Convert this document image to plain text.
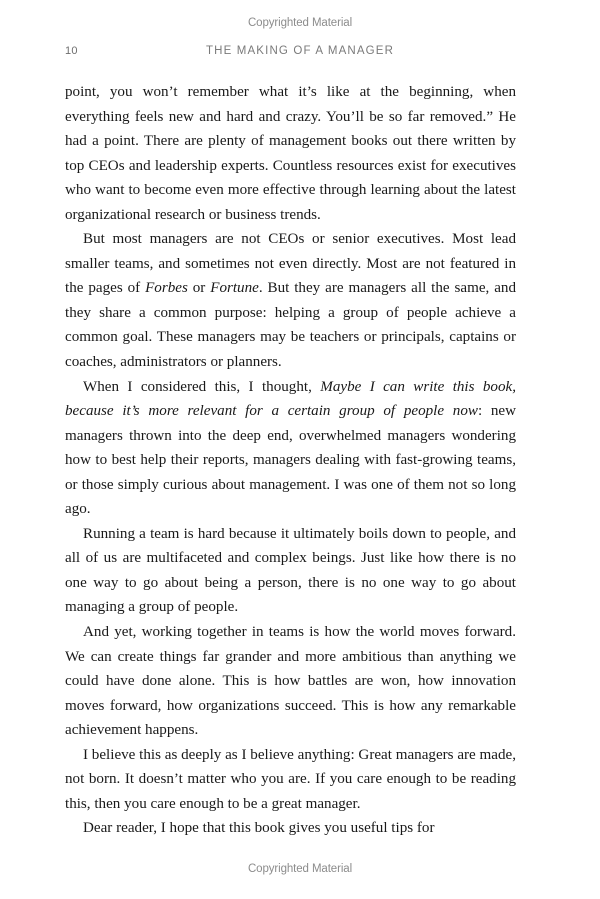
Copyrighted Material
10	THE MAKING OF A MANAGER

point, you won’t remember what it’s like at the beginning, when everything feels new and hard and crazy. You’ll be so far removed.” He had a point. There are plenty of management books out there written by top CEOs and leadership experts. Countless resources exist for executives who want to become even more effective through learning about the latest organizational research or business trends.

But most managers are not CEOs or senior executives. Most lead smaller teams, and sometimes not even directly. Most are not featured in the pages of Forbes or Fortune. But they are managers all the same, and they share a common purpose: helping a group of people achieve a common goal. These managers may be teachers or principals, captains or coaches, administrators or planners.

When I considered this, I thought, Maybe I can write this book, because it’s more relevant for a certain group of people now: new managers thrown into the deep end, overwhelmed managers wondering how to best help their reports, managers dealing with fast-growing teams, or those simply curious about management. I was one of them not so long ago.

Running a team is hard because it ultimately boils down to people, and all of us are multifaceted and complex beings. Just like how there is no one way to go about being a person, there is no one way to go about managing a group of people.

And yet, working together in teams is how the world moves forward. We can create things far grander and more ambitious than anything we could have done alone. This is how battles are won, how innovation moves forward, how organizations succeed. This is how any remarkable achievement happens.

I believe this as deeply as I believe anything: Great managers are made, not born. It doesn’t matter who you are. If you care enough to be reading this, then you care enough to be a great manager.

Dear reader, I hope that this book gives you useful tips for

Copyrighted Material
